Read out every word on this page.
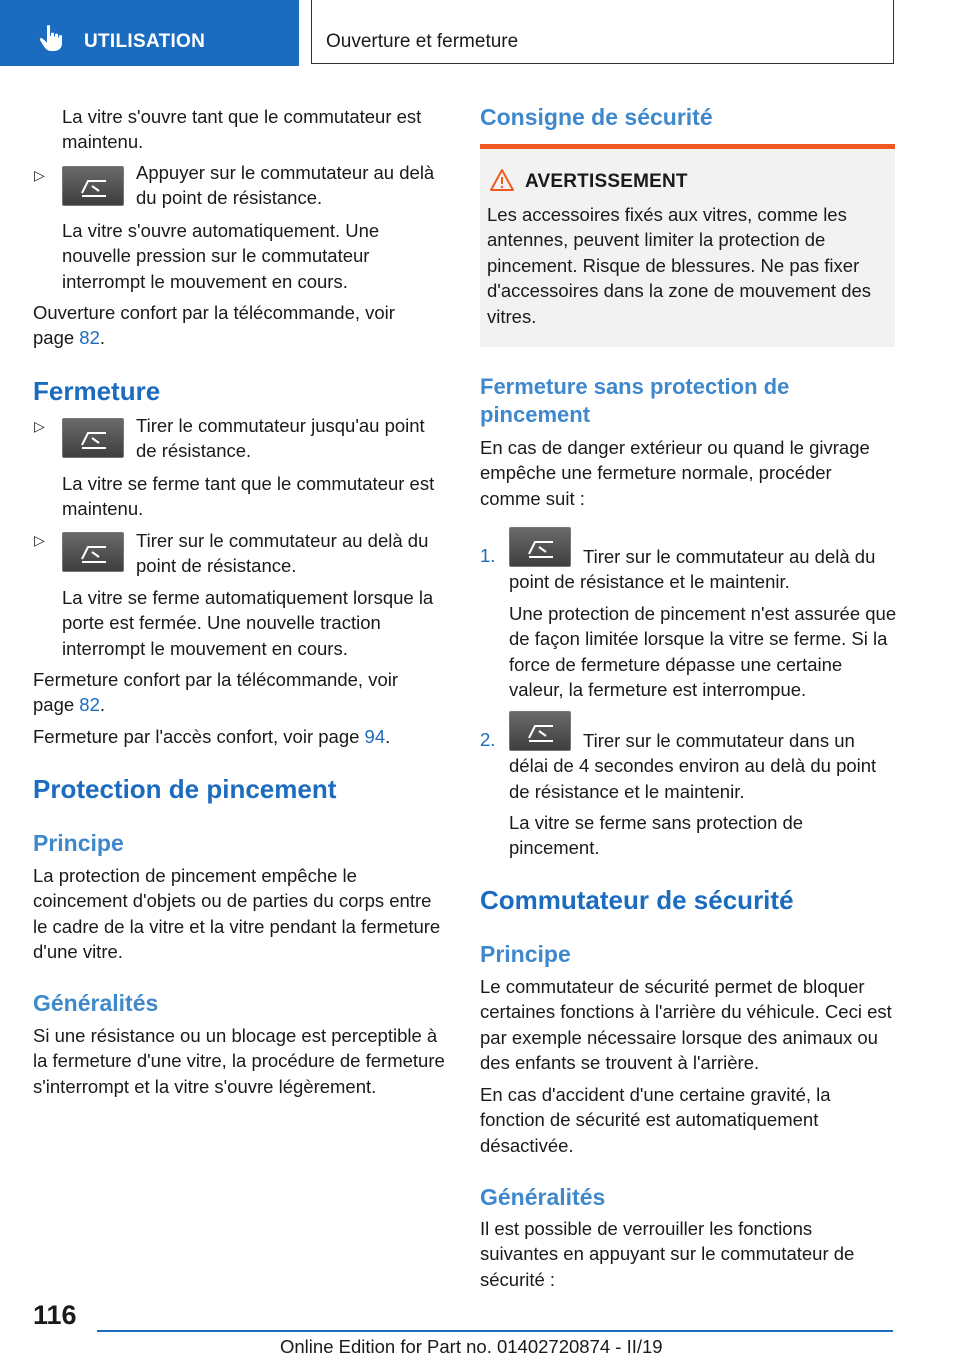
UTILISATION	Ouverture et fermeture

La vitre s'ouvre tant que le commutateur est maintenu.

▷	Appuyer sur le commutateur au delà du point de résistance.

La vitre s'ouvre automatiquement. Une nouvelle pression sur le commutateur interrompt le mouvement en cours.

Ouverture confort par la télécommande, voir page 82.

Fermeture
▷	Tirer le commutateur jusqu'au point de résistance.

La vitre se ferme tant que le commutateur est maintenu.

▷	Tirer sur le commutateur au delà du point de résistance.

La vitre se ferme automatiquement lorsque la porte est fermée. Une nouvelle traction interrompt le mouvement en cours.

Fermeture confort par la télécommande, voir page 82.

Fermeture par l'accès confort, voir page 94.

Protection de pincement
Principe

La protection de pincement empêche le coincement d'objets ou de parties du corps entre le cadre de la vitre et la vitre pendant la fermeture d'une vitre.

Généralités

Si une résistance ou un blocage est perceptible à la fermeture d'une vitre, la procédure de fermeture s'interrompt et la vitre s'ouvre légèrement.

Consigne de sécurité
AVERTISSEMENT

Les accessoires fixés aux vitres, comme les antennes, peuvent limiter la protection de pincement. Risque de blessures. Ne pas fixer d'accessoires dans la zone de mouvement des vitres.

Fermeture sans protection de pincement

En cas de danger extérieur ou quand le givrage empêche une fermeture normale, procéder comme suit :

1.	Tirer sur le commutateur au delà du point de résistance et le maintenir.

Une protection de pincement n'est assurée que de façon limitée lorsque la vitre se ferme. Si la force de fermeture dépasse une certaine valeur, la fermeture est interrompue.

2.	Tirer sur le commutateur dans un délai de 4 secondes environ au delà du point de résistance et le maintenir.

La vitre se ferme sans protection de pincement.

Commutateur de sécurité
Principe

Le commutateur de sécurité permet de bloquer certaines fonctions à l'arrière du véhicule. Ceci est par exemple nécessaire lorsque des animaux ou des enfants se trouvent à l'arrière.

En cas d'accident d'une certaine gravité, la fonction de sécurité est automatiquement désactivée.

Généralités

Il est possible de verrouiller les fonctions suivantes en appuyant sur le commutateur de sécurité :

116
Online Edition for Part no. 01402720874 - II/19
